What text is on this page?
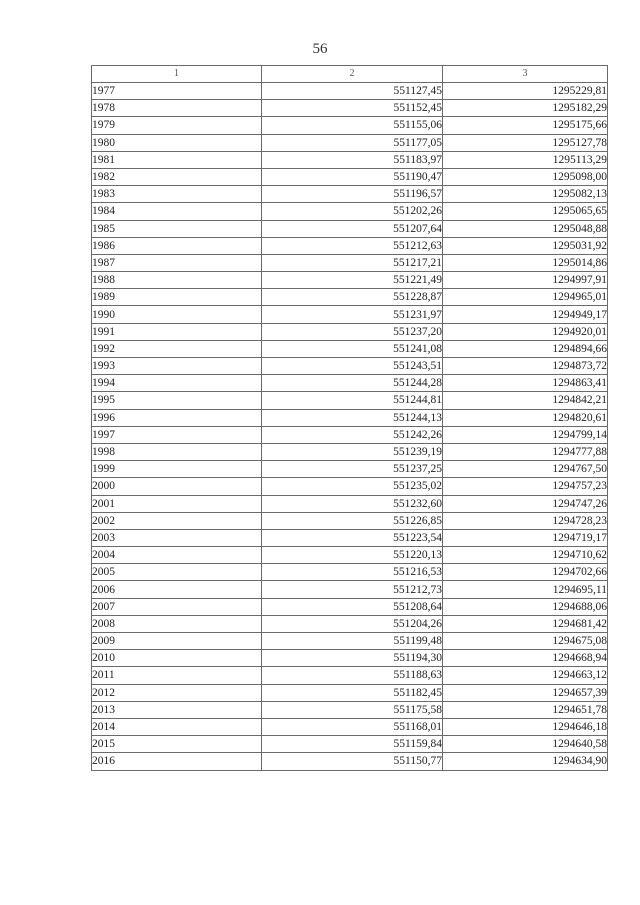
56
1	2	3
1977	551127,45	1295229,81
1978	551152,45	1295182,29
1979	551155,06	1295175,66
1980	551177,05	1295127,78
1981	551183,97	1295113,29
1982	551190,47	1295098,00
1983	551196,57	1295082,13
1984	551202,26	1295065,65
1985	551207,64	1295048,88
1986	551212,63	1295031,92
1987	551217,21	1295014,86
1988	551221,49	1294997,91
1989	551228,87	1294965,01
1990	551231,97	1294949,17
1991	551237,20	1294920,01
1992	551241,08	1294894,66
1993	551243,51	1294873,72
1994	551244,28	1294863,41
1995	551244,81	1294842,21
1996	551244,13	1294820,61
1997	551242,26	1294799,14
1998	551239,19	1294777,88
1999	551237,25	1294767,50
2000	551235,02	1294757,23
2001	551232,60	1294747,26
2002	551226,85	1294728,23
2003	551223,54	1294719,17
2004	551220,13	1294710,62
2005	551216,53	1294702,66
2006	551212,73	1294695,11
2007	551208,64	1294688,06
2008	551204,26	1294681,42
2009	551199,48	1294675,08
2010	551194,30	1294668,94
2011	551188,63	1294663,12
2012	551182,45	1294657,39
2013	551175,58	1294651,78
2014	551168,01	1294646,18
2015	551159,84	1294640,58
2016	551150,77	1294634,90
